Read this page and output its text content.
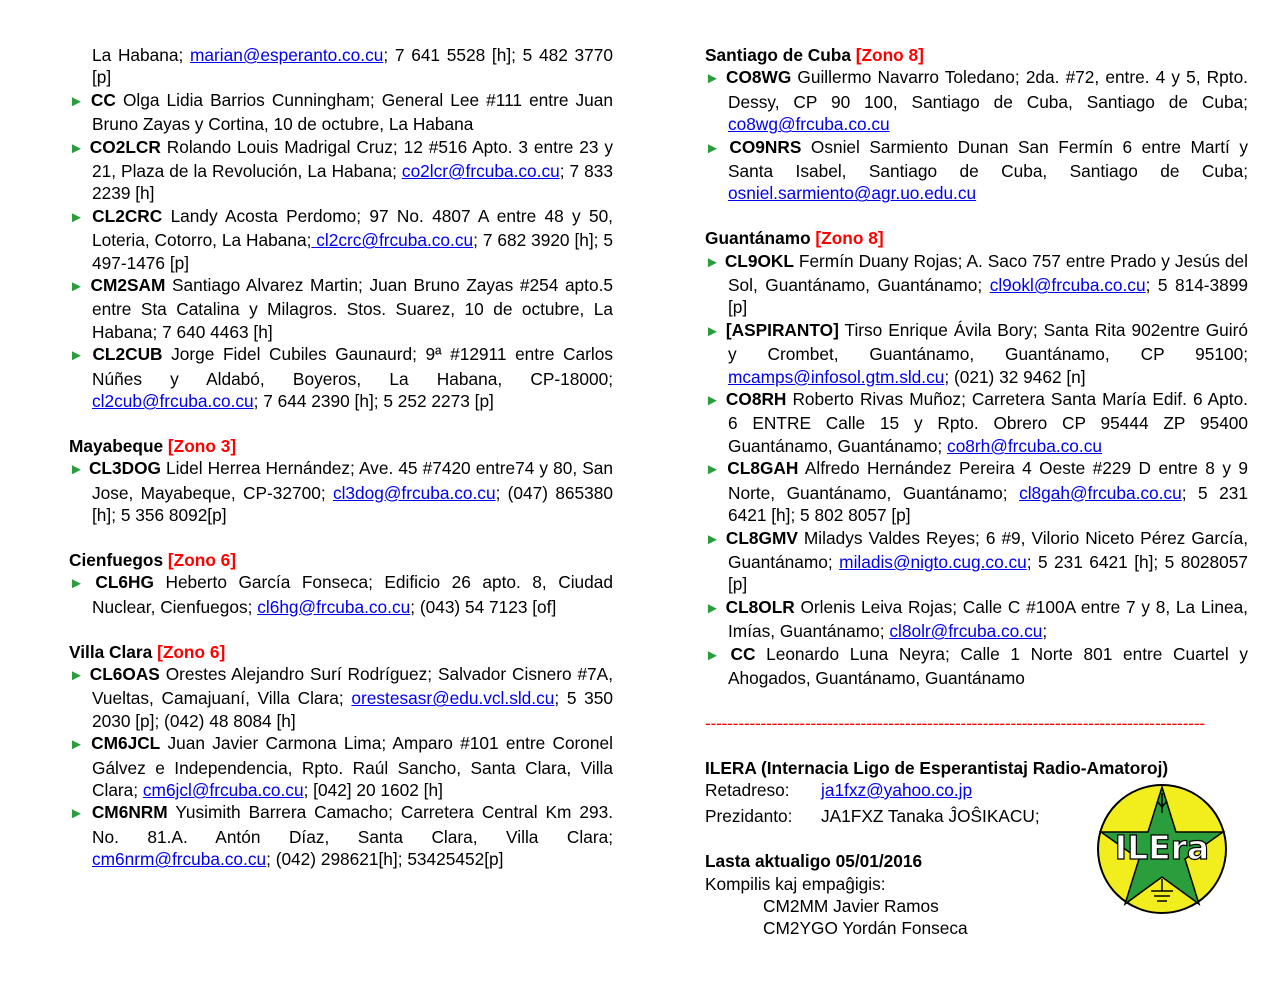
La Habana; marian@esperanto.co.cu; 7 641 5528 [h]; 5 482 3770 [p]
► CC Olga Lidia Barrios Cunningham; General Lee #111 entre Juan Bruno Zayas y Cortina, 10 de octubre, La Habana
► CO2LCR Rolando Louis Madrigal Cruz; 12 #516 Apto. 3 entre 23 y 21, Plaza de la Revolución, La Habana; co2lcr@frcuba.co.cu; 7 833 2239 [h]
► CL2CRC Landy Acosta Perdomo; 97 No. 4807 A entre 48 y 50, Loteria, Cotorro, La Habana; cl2crc@frcuba.co.cu; 7 682 3920 [h]; 5 497-1476 [p]
► CM2SAM Santiago Alvarez Martin; Juan Bruno Zayas #254 apto.5 entre Sta Catalina y Milagros. Stos. Suarez, 10 de octubre, La Habana; 7 640 4463 [h]
► CL2CUB Jorge Fidel Cubiles Gaunaurd; 9ª #12911 entre Carlos Núñes y Aldabó, Boyeros, La Habana, CP-18000; cl2cub@frcuba.co.cu; 7 644 2390 [h]; 5 252 2273 [p]
Mayabeque [Zono 3]
► CL3DOG Lidel Herrea Hernández; Ave. 45 #7420 entre74 y 80, San Jose, Mayabeque, CP-32700; cl3dog@frcuba.co.cu; (047) 865380 [h]; 5 356 8092[p]
Cienfuegos [Zono 6]
► CL6HG Heberto García Fonseca; Edificio 26 apto. 8, Ciudad Nuclear, Cienfuegos; cl6hg@frcuba.co.cu; (043) 54 7123 [of]
Villa Clara [Zono 6]
► CL6OAS Orestes Alejandro Surí Rodríguez; Salvador Cisnero #7A, Vueltas, Camajuaní, Villa Clara; orestesasr@edu.vcl.sld.cu; 5 350 2030 [p]; (042) 48 8084 [h]
► CM6JCL Juan Javier Carmona Lima; Amparo #101 entre Coronel Gálvez e Independencia, Rpto. Raúl Sancho, Santa Clara, Villa Clara; cm6jcl@frcuba.co.cu; [042] 20 1602 [h]
► CM6NRM Yusimith Barrera Camacho; Carretera Central Km 293. No. 81.A. Antón Díaz, Santa Clara, Villa Clara; cm6nrm@frcuba.co.cu; (042) 298621[h]; 53425452[p]
Santiago de Cuba [Zono 8]
► CO8WG Guillermo Navarro Toledano; 2da. #72, entre. 4 y 5, Rpto. Dessy, CP 90 100, Santiago de Cuba, Santiago de Cuba; co8wg@frcuba.co.cu
► CO9NRS Osniel Sarmiento Dunan San Fermín 6 entre Martí y Santa Isabel, Santiago de Cuba, Santiago de Cuba; osniel.sarmiento@agr.uo.edu.cu
Guantánamo [Zono 8]
► CL9OKL Fermín Duany Rojas; A. Saco 757 entre Prado y Jesús del Sol, Guantánamo, Guantánamo; cl9okl@frcuba.co.cu; 5 814-3899 [p]
► [ASPIRANTO] Tirso Enrique Ávila Bory; Santa Rita 902entre Guiró y Crombet, Guantánamo, Guantánamo, CP 95100; mcamps@infosol.gtm.sld.cu; (021) 32 9462 [n]
► CO8RH Roberto Rivas Muñoz; Carretera Santa María Edif. 6 Apto. 6 ENTRE Calle 15 y Rpto. Obrero CP 95444 ZP 95400 Guantánamo, Guantánamo; co8rh@frcuba.co.cu
► CL8GAH Alfredo Hernández Pereira 4 Oeste #229 D entre 8 y 9 Norte, Guantánamo, Guantánamo; cl8gah@frcuba.co.cu; 5 231 6421 [h]; 5 802 8057 [p]
► CL8GMV Miladys Valdes Reyes; 6 #9, Vilorio Niceto Pérez García, Guantánamo; miladis@nigto.cug.co.cu; 5 231 6421 [h]; 5 8028057 [p]
► CL8OLR Orlenis Leiva Rojas; Calle C #100A entre 7 y 8, La Linea, Imías, Guantánamo; cl8olr@frcuba.co.cu;
► CC Leonardo Luna Neyra; Calle 1 Norte 801 entre Cuartel y Ahogados, Guantánamo, Guantánamo
------------------------------------------------------------------------------------------
ILERA (Internacia Ligo de Esperantistaj Radio-Amatoroj)
Retadreso:	ja1fxz@yahoo.co.jp
Prezidanto:	JA1FXZ Tanaka ĴOŜIKACU;
Lasta aktualigo 05/01/2016
Kompilis kaj empaĝigis:
CM2MM Javier Ramos
CM2YGO Yordán Fonseca
ILEra
